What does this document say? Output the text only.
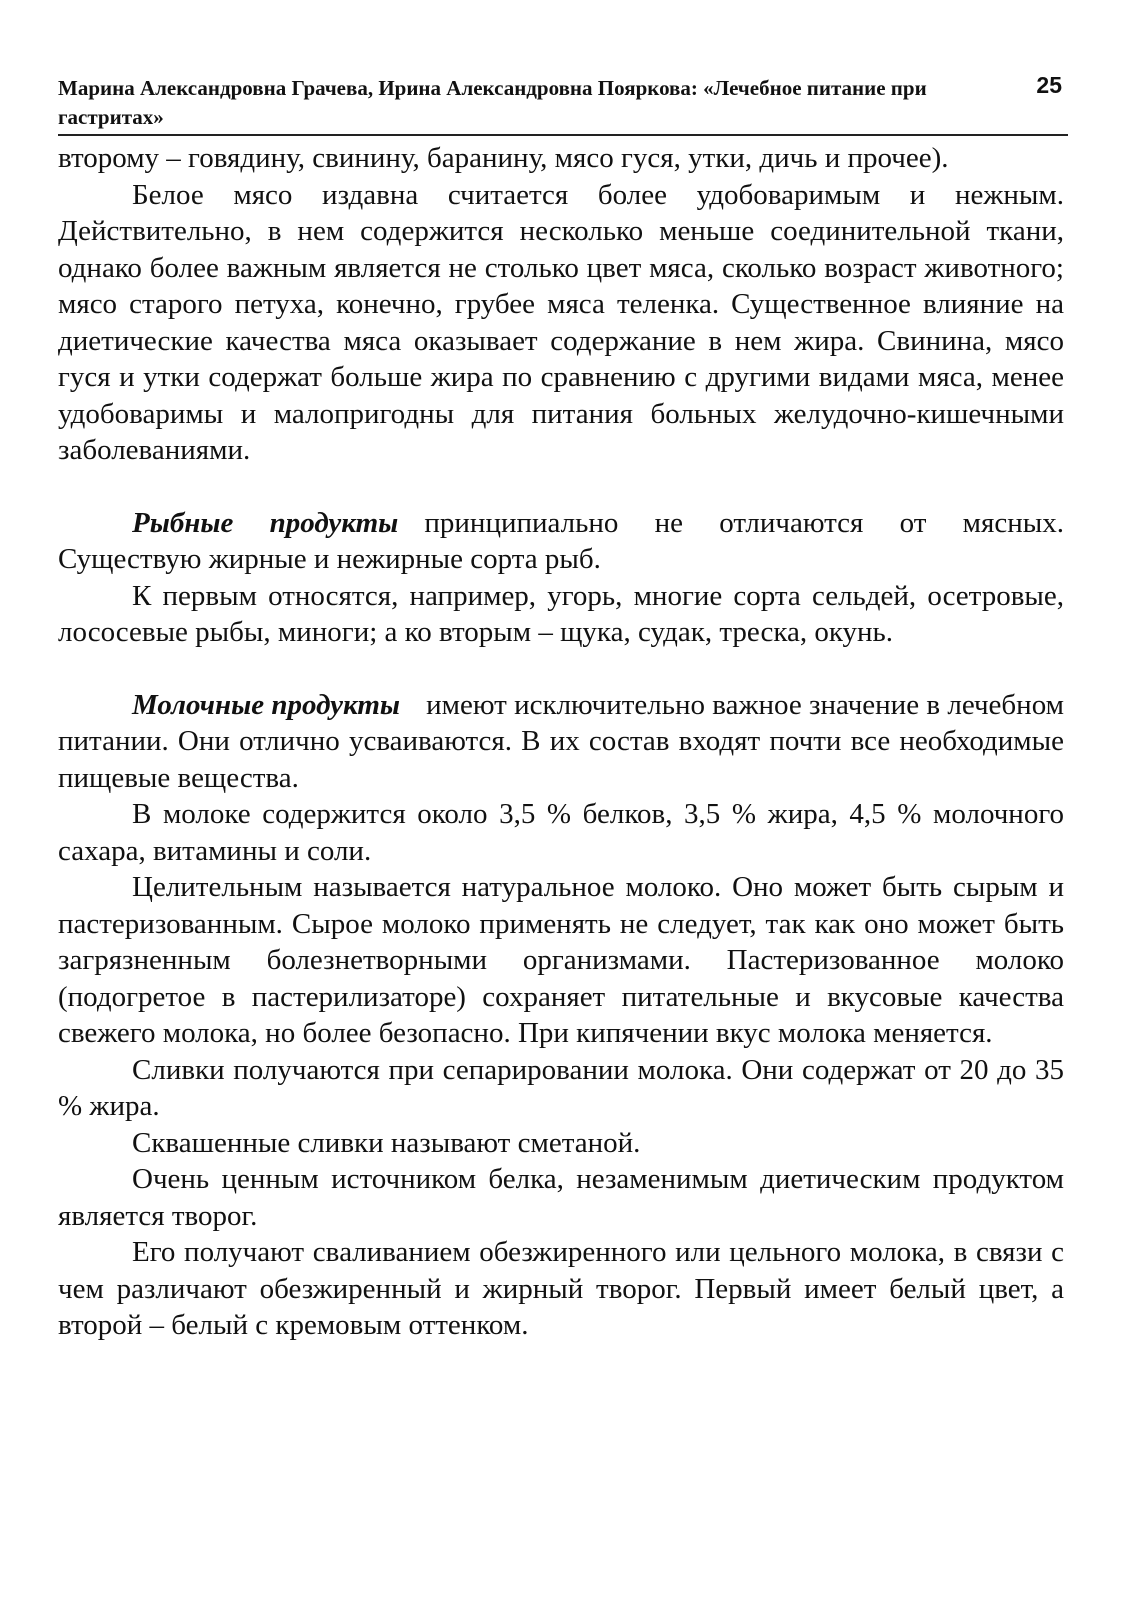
Марина Александровна Грачева, Ирина Александровна Пояркова: «Лечебное питание при гастритах»
25

второму – говядину, свинину, баранину, мясо гуся, утки, дичь и прочее).

Белое мясо издавна считается более удобоваримым и нежным. Действительно, в нем содержится несколько меньше соединительной ткани, однако более важным является не столько цвет мяса, сколько возраст животного; мясо старого петуха, конечно, грубее мяса теленка. Существенное влияние на диетические качества мяса оказывает содержание в нем жира. Свинина, мясо гуся и утки содержат больше жира по сравнению с другими видами мяса, менее удобоваримы и малопригодны для питания больных желудочно-кишечными заболеваниями.

Рыбные продукты принципиально не отличаются от мясных. Существую жирные и нежирные сорта рыб.

К первым относятся, например, угорь, многие сорта сельдей, осетровые, лососевые рыбы, миноги; а ко вторым – щука, судак, треска, окунь.

Молочные продукты имеют исключительно важное значение в лечебном питании. Они отлично усваиваются. В их состав входят почти все необходимые пищевые вещества.

В молоке содержится около 3,5 % белков, 3,5 % жира, 4,5 % молочного сахара, витамины и соли.

Целительным называется натуральное молоко. Оно может быть сырым и пастеризованным. Сырое молоко применять не следует, так как оно может быть загрязненным болезнетворными организмами. Пастеризованное молоко (подогретое в пастерилизаторе) сохраняет питательные и вкусовые качества свежего молока, но более безопасно. При кипячении вкус молока меняется.

Сливки получаются при сепарировании молока. Они содержат от 20 до 35 % жира.

Сквашенные сливки называют сметаной.

Очень ценным источником белка, незаменимым диетическим продуктом является творог.

Его получают свaливанием обезжиренного или цельного молока, в связи с чем различают обезжиренный и жирный творог. Первый имеет белый цвет, а второй – белый с кремовым оттенком.
